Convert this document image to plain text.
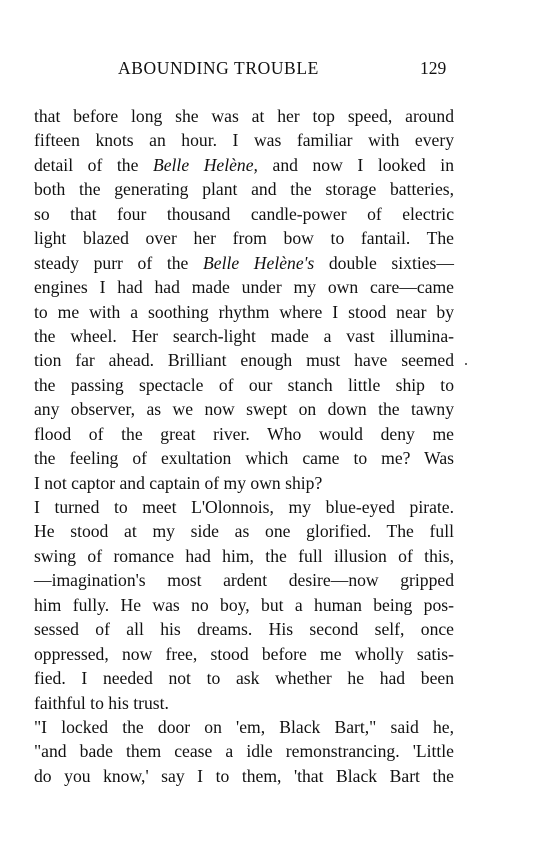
ABOUNDING TROUBLE	129
that before long she was at her top speed, around
fifteen knots an hour. I was familiar with every
detail of the Belle Helène, and now I looked in
both the generating plant and the storage batteries,
so that four thousand candle-power of electric
light blazed over her from bow to fantail. The
steady purr of the Belle Helène's double sixties—
engines I had had made under my own care—came
to me with a soothing rhythm where I stood near by
the wheel. Her search-light made a vast illumina-
tion far ahead. Brilliant enough must have seemed
the passing spectacle of our stanch little ship to
any observer, as we now swept on down the tawny
flood of the great river. Who would deny me
the feeling of exultation which came to me? Was
I not captor and captain of my own ship?
I turned to meet L'Olonnois, my blue-eyed pirate.
He stood at my side as one glorified. The full
swing of romance had him, the full illusion of this,
—imagination's most ardent desire—now gripped
him fully. He was no boy, but a human being pos-
sessed of all his dreams. His second self, once
oppressed, now free, stood before me wholly satis-
fied. I needed not to ask whether he had been
faithful to his trust.
"I locked the door on 'em, Black Bart," said he,
"and bade them cease a idle remonstrancing. 'Little
do you know,' say I to them, 'that Black Bart the
